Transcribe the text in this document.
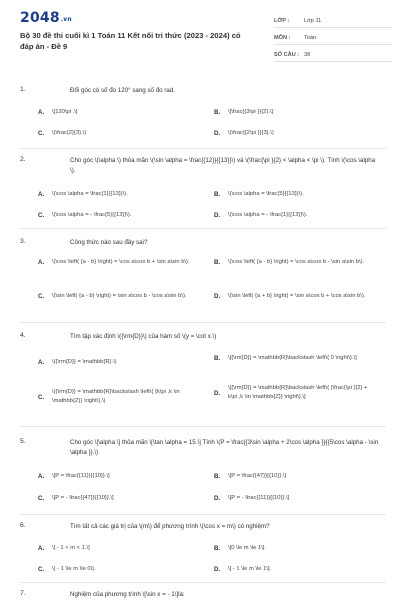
2048.vn
Bộ 30 đề thi cuối kì 1 Toán 11 Kết nối tri thức (2023 - 2024) có đáp án - Đề 9
LỚP :	Lớp 11
MÔN :	Toán
SỐ CÂU : 38
1.	Đổi góc có số đo 120° sang số đo rad.
A.	\[120\pi .\]	B.	\[\frac{{3\pi }}{2}.\]
C.	\(\frac{2}{3}.\)	D.	\(\frac{{2\pi }}{3}.\)
2.	Cho góc \(\alpha \) thỏa mãn \(\sin \alpha = \frac{{12}}{{13}}\) và \(\frac{\pi }{2} < \alpha < \pi \). Tính \(\cos \alpha \).
A.	\(\cos \alpha = \frac{1}{{13}}\).	B.	\(\cos \alpha = \frac{5}{{13}}\).
C.	\(\cos \alpha = - \frac{5}{{13}}\).	D.	\(\cos \alpha = - \frac{1}{{13}}\).
3.	Công thức nào sau đây sai?
A.	\(\cos \left( {a - b} \right) = \cos a\cos b + \sin a\sin b\).	B.	\(\cos \left( {a - b} \right) = \cos a\cos b - \sin a\sin b\).
C.	\(\sin \left( {a - b} \right) = \sin a\cos b - \cos a\sin b\).	D.	\(\sin \left( {a + b} \right) = \sin a\cos b + \cos a\sin b\).
4.	Tìm tập xác định \({\rm{D}}\) của hàm số \(y = \cot x.\)
A.	\({\rm{D}} = \mathbb{R}.\)	B.	\[{\rm{D}} = \mathbb{R}\backslash \left\{ 0 \right\}.\]
C.
\({\rm{D}} = \mathbb{R}\backslash \left\{ {k\pi ,k \in \mathbb{Z}} \right\}.\)
D.
\[{\rm{D}} = \mathbb{R}\backslash \left\{ {\frac{\pi }{2} + k\pi ,k \in \mathbb{Z}} \right\}.\]
5.	Cho góc \[\alpha \] thỏa mãn \[\tan \alpha = 15.\] Tính \(P = \frac{{3\sin \alpha + 2\cos \alpha }}{{5\cos \alpha - \sin \alpha }}.\)
A.	\[P = \frac{{11}}{{10}}.\]	B.	\[P = \frac{{47}}{{10}}.\]
C.	\[P = - \frac{{47}}{{10}}.\]	D.	\[P = - \frac{{11}}{{10}}.\]
6.	Tìm tất cả các giá trị của \(m\) để phương trình \(\cos x = m\) có nghiệm?
A.	\[ - 1 < m < 1.\]	B.	\[0 \le m \le 1\].
C.	\( - 1 \le m \le 0\).	D.	\[ - 1 \le m \le 1\].
7.	Nghiệm của phương trình \[\sin x = - 1\]là:
